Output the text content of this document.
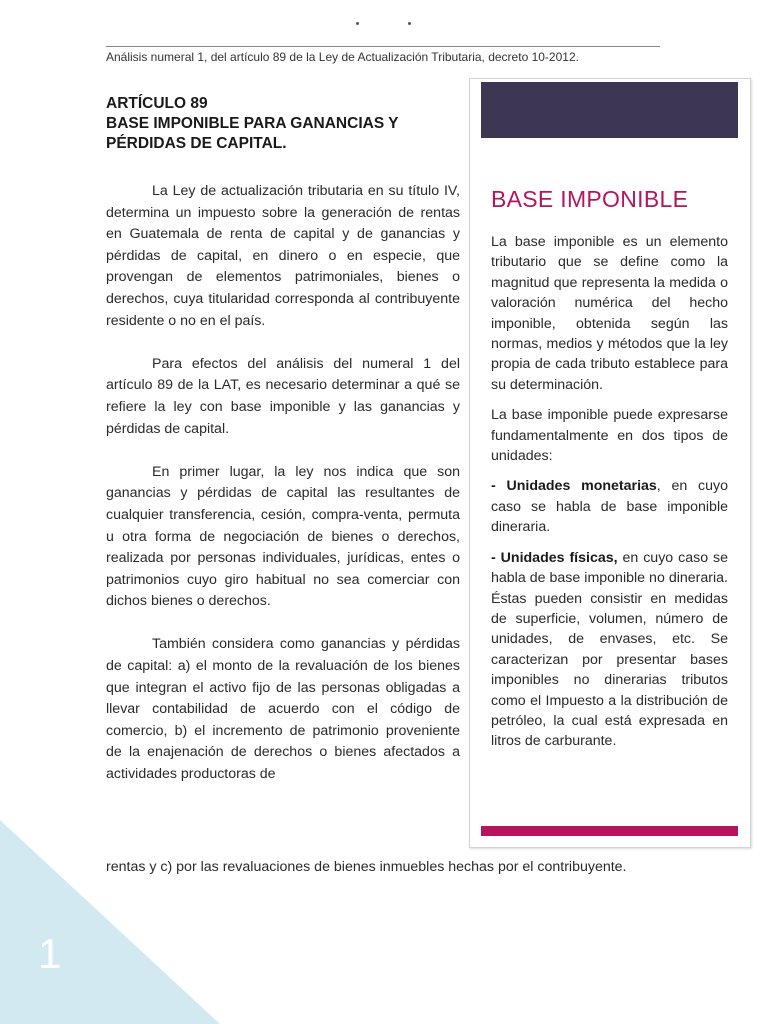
Análisis numeral 1, del artículo 89 de la Ley de Actualización Tributaria, decreto 10-2012.
ARTÍCULO 89
BASE IMPONIBLE PARA GANANCIAS Y PÉRDIDAS DE CAPITAL.

La Ley de actualización tributaria en su título IV, determina un impuesto sobre la generación de rentas en Guatemala de renta de capital y de ganancias y pérdidas de capital, en dinero o en especie, que provengan de elementos patrimoniales, bienes o derechos, cuya titularidad corresponda al contribuyente residente o no en el país.

Para efectos del análisis del numeral 1 del artículo 89 de la LAT, es necesario determinar a qué se refiere la ley con base imponible y las ganancias y pérdidas de capital.

En primer lugar, la ley nos indica que son ganancias y pérdidas de capital las resultantes de cualquier transferencia, cesión, compra-venta, permuta u otra forma de negociación de bienes o derechos, realizada por personas individuales, jurídicas, entes o patrimonios cuyo giro habitual no sea comerciar con dichos bienes o derechos.

También considera como ganancias y pérdidas de capital: a) el monto de la revaluación de los bienes que integran el activo fijo de las personas obligadas a llevar contabilidad de acuerdo con el código de comercio, b) el incremento de patrimonio proveniente de la enajenación de derechos o bienes afectados a actividades productoras de

rentas y c) por las revaluaciones de bienes inmuebles hechas por el contribuyente.
BASE IMPONIBLE

La base imponible es un elemento tributario que se define como la magnitud que representa la medida o valoración numérica del hecho imponible, obtenida según las normas, medios y métodos que la ley propia de cada tributo establece para su determinación.

La base imponible puede expresarse fundamentalmente en dos tipos de unidades:

- Unidades monetarias, en cuyo caso se habla de base imponible dineraria.

- Unidades físicas, en cuyo caso se habla de base imponible no dineraria. Éstas pueden consistir en medidas de superficie, volumen, número de unidades, de envases, etc. Se caracterizan por presentar bases imponibles no dinerarias tributos como el Impuesto a la distribución de petróleo, la cual está expresada en litros de carburante.

1
